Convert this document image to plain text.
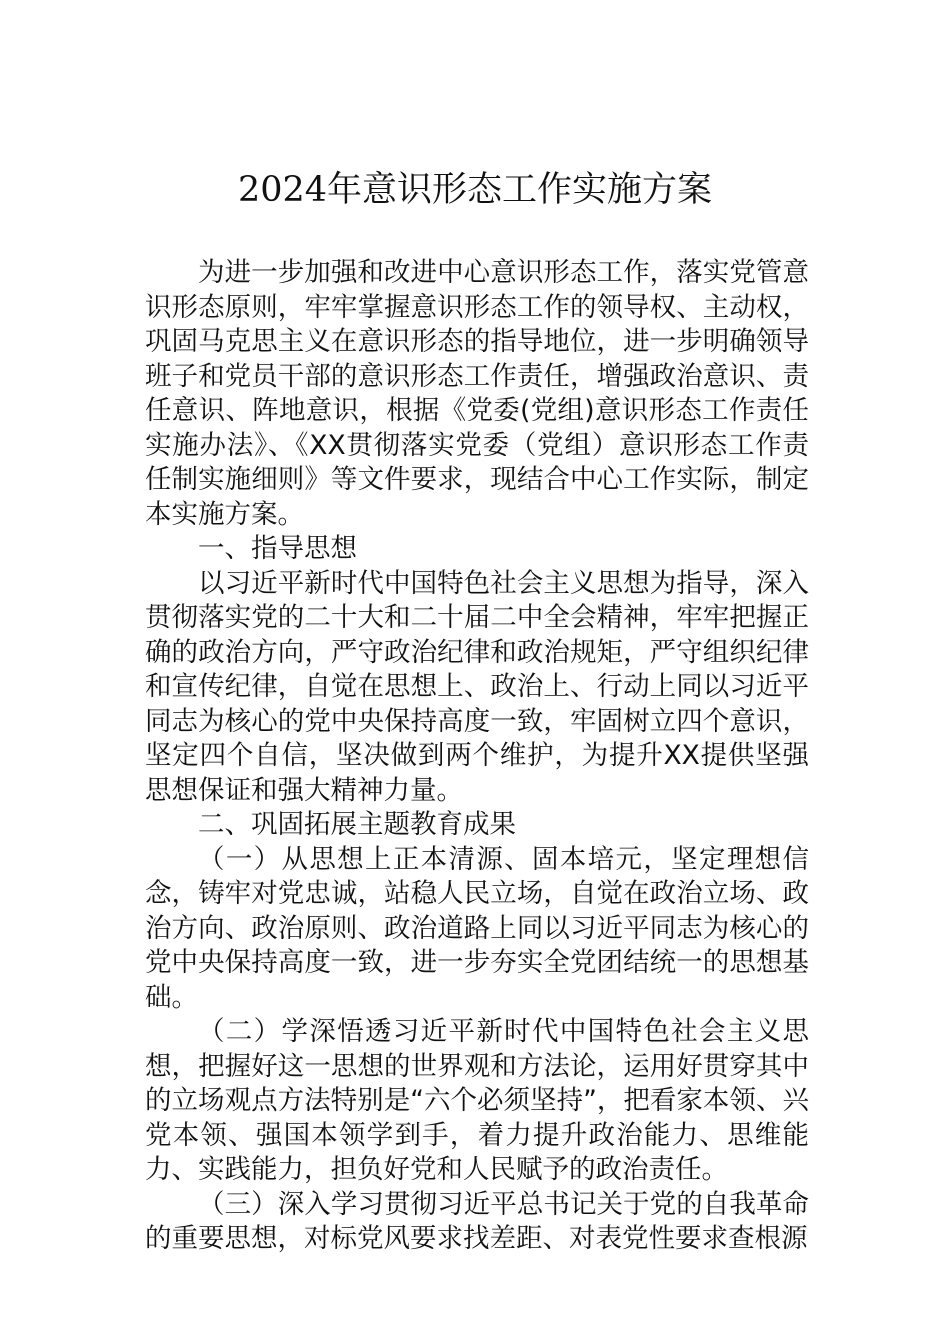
2024年意识形态工作实施方案

为进一步加强和改进中心意识形态工作，落实党管意识形态原则，牢牢掌握意识形态工作的领导权、主动权，巩固马克思主义在意识形态的指导地位，进一步明确领导班子和党员干部的意识形态工作责任，增强政治意识、责任意识、阵地意识，根据《党委(党组)意识形态工作责任实施办法》、《XX贯彻落实党委（党组）意识形态工作责任制实施细则》等文件要求，现结合中心工作实际，制定本实施方案。

一、指导思想

以习近平新时代中国特色社会主义思想为指导，深入贯彻落实党的二十大和二十届二中全会精神，牢牢把握正确的政治方向，严守政治纪律和政治规矩，严守组织纪律和宣传纪律，自觉在思想上、政治上、行动上同以习近平同志为核心的党中央保持高度一致，牢固树立四个意识，坚定四个自信，坚决做到两个维护，为提升XX提供坚强思想保证和强大精神力量。

二、巩固拓展主题教育成果

（一）从思想上正本清源、固本培元，坚定理想信念，铸牢对党忠诚，站稳人民立场，自觉在政治立场、政治方向、政治原则、政治道路上同以习近平同志为核心的党中央保持高度一致，进一步夯实全党团结统一的思想基础。

（二）学深悟透习近平新时代中国特色社会主义思想，把握好这一思想的世界观和方法论，运用好贯穿其中的立场观点方法特别是“六个必须坚持”，把看家本领、兴党本领、强国本领学到手，着力提升政治能力、思维能力、实践能力，担负好党和人民赋予的政治责任。

（三）深入学习贯彻习近平总书记关于党的自我革命的重要思想，对标党风要求找差距、对表党性要求查根源
